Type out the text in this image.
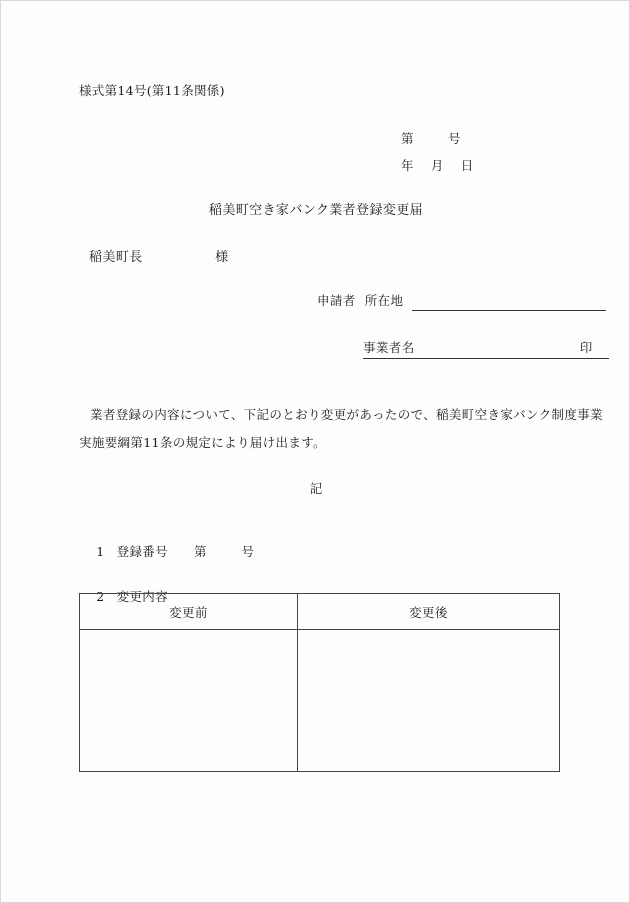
様式第14号(第11条関係)
第        号
年    月    日
稲美町空き家バンク業者登録変更届
稲美町長                様
申請者 所在地
事業者名	印
業者登録の内容について、下記のとおり変更があったので、稲美町空き家バンク制度事業
実施要綱第11条の規定により届け出ます。
記

1 登録番号 第        号

2 変更内容

変更前	変更後
